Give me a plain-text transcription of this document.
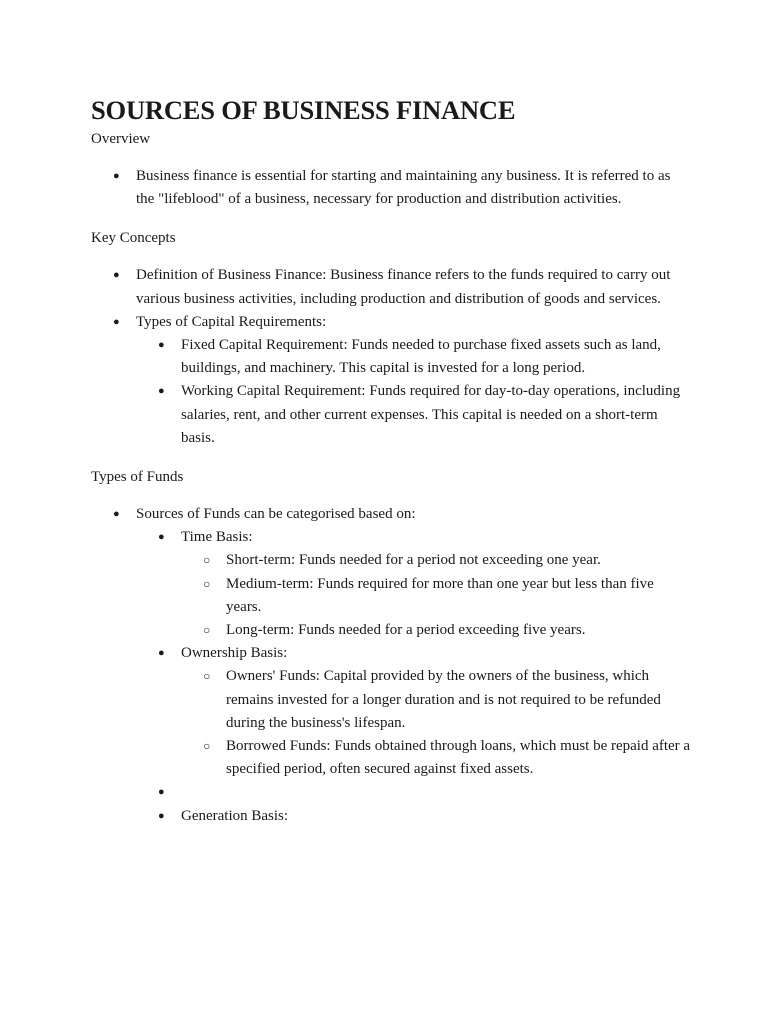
SOURCES OF BUSINESS FINANCE

Overview

● Business finance is essential for starting and maintaining any business. It is referred to as the "lifeblood" of a business, necessary for production and distribution activities.

Key Concepts

● Definition of Business Finance: Business finance refers to the funds required to carry out various business activities, including production and distribution of goods and services.
● Types of Capital Requirements:
● Fixed Capital Requirement: Funds needed to purchase fixed assets such as land, buildings, and machinery. This capital is invested for a long period.
● Working Capital Requirement: Funds required for day-to-day operations, including salaries, rent, and other current expenses. This capital is needed on a short-term basis.

Types of Funds

● Sources of Funds can be categorised based on:
● Time Basis:
○ Short-term: Funds needed for a period not exceeding one year.
○ Medium-term: Funds required for more than one year but less than five years.
○ Long-term: Funds needed for a period exceeding five years.
● Ownership Basis:
○ Owners' Funds: Capital provided by the owners of the business, which remains invested for a longer duration and is not required to be refunded during the business's lifespan.
○ Borrowed Funds: Funds obtained through loans, which must be repaid after a specified period, often secured against fixed assets.
●
● Generation Basis:
